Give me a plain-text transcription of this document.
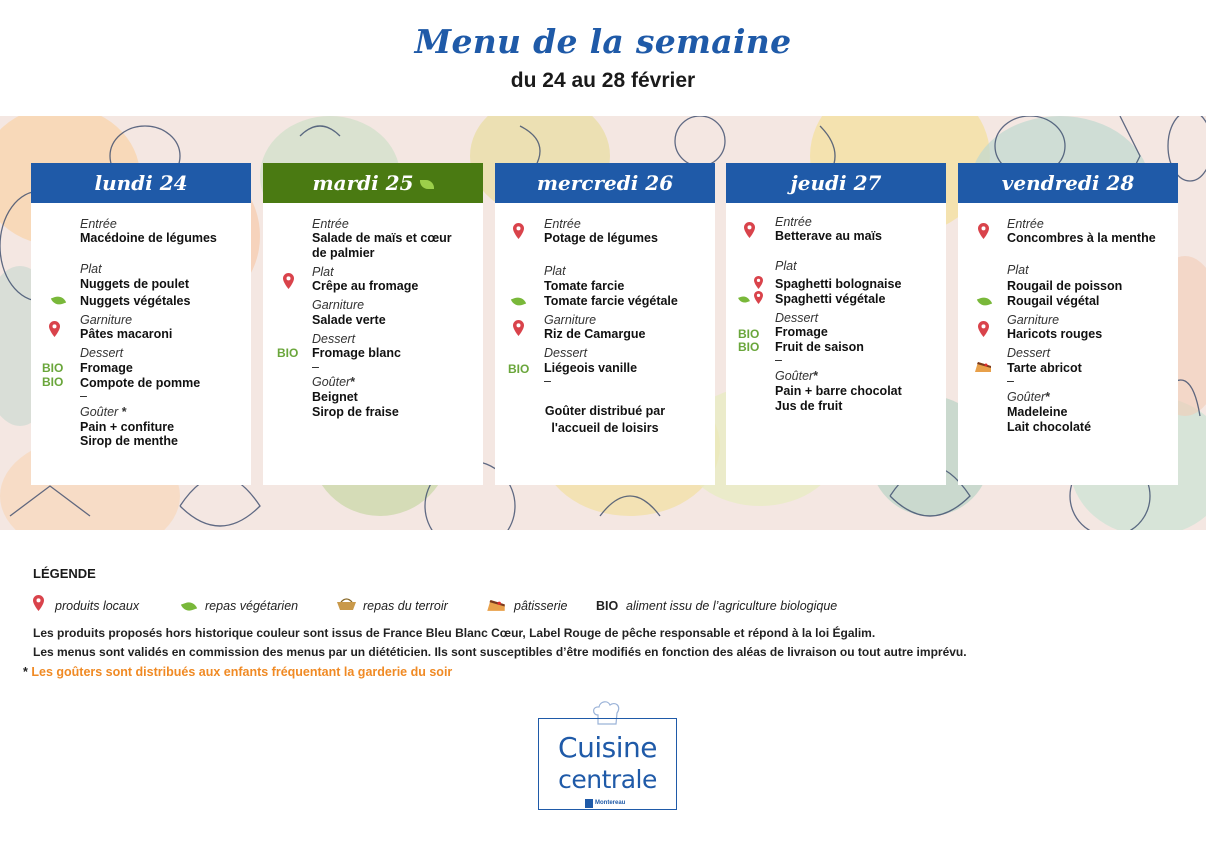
Menu de la semaine
du 24 au 28 février
lundi 24
Entrée
Macédoine de légumes
Plat
Nuggets de poulet
Nuggets végétales
Garniture
Pâtes macaroni
Dessert
Fromage
Compote de pomme
–
Goûter *
Pain + confiture
Sirop de menthe
BIO
BIO
mardi 25
Entrée
Salade de maïs et cœur
de palmier
Plat
Crêpe au fromage
Garniture
Salade verte
Dessert
Fromage blanc
–
Goûter*
Beignet
Sirop de fraise
BIO
mercredi 26
Entrée
Potage de légumes
Plat
Tomate farcie
Tomate farcie végétale
Garniture
Riz de Camargue
Dessert
Liégeois vanille
–
Goûter distribué par
l'accueil de loisirs
BIO
jeudi 27
Entrée
Betterave au maïs
Plat
Spaghetti bolognaise
Spaghetti végétale
Dessert
Fromage
Fruit de saison
–
Goûter*
Pain + barre chocolat
Jus de fruit
BIO
BIO
vendredi 28
Entrée
Concombres à la menthe
Plat
Rougail de poisson
Rougail végétal
Garniture
Haricots rouges
Dessert
Tarte abricot
–
Goûter*
Madeleine
Lait chocolaté
LÉGENDE
produits locaux	repas végétarien	repas du terroir	pâtisserie BIO aliment issu de l’agriculture biologique
Les produits proposés hors historique couleur sont issus de France Bleu Blanc Cœur, Label Rouge de pêche responsable et répond à la loi Égalim.
Les menus sont validés en commission des menus par un diététicien. Ils sont susceptibles d’être modifiés en fonction des aléas de livraison ou tout autre imprévu.
* Les goûters sont distribués aux enfants fréquentant la garderie du soir
Cuisine
centrale
Montereau
